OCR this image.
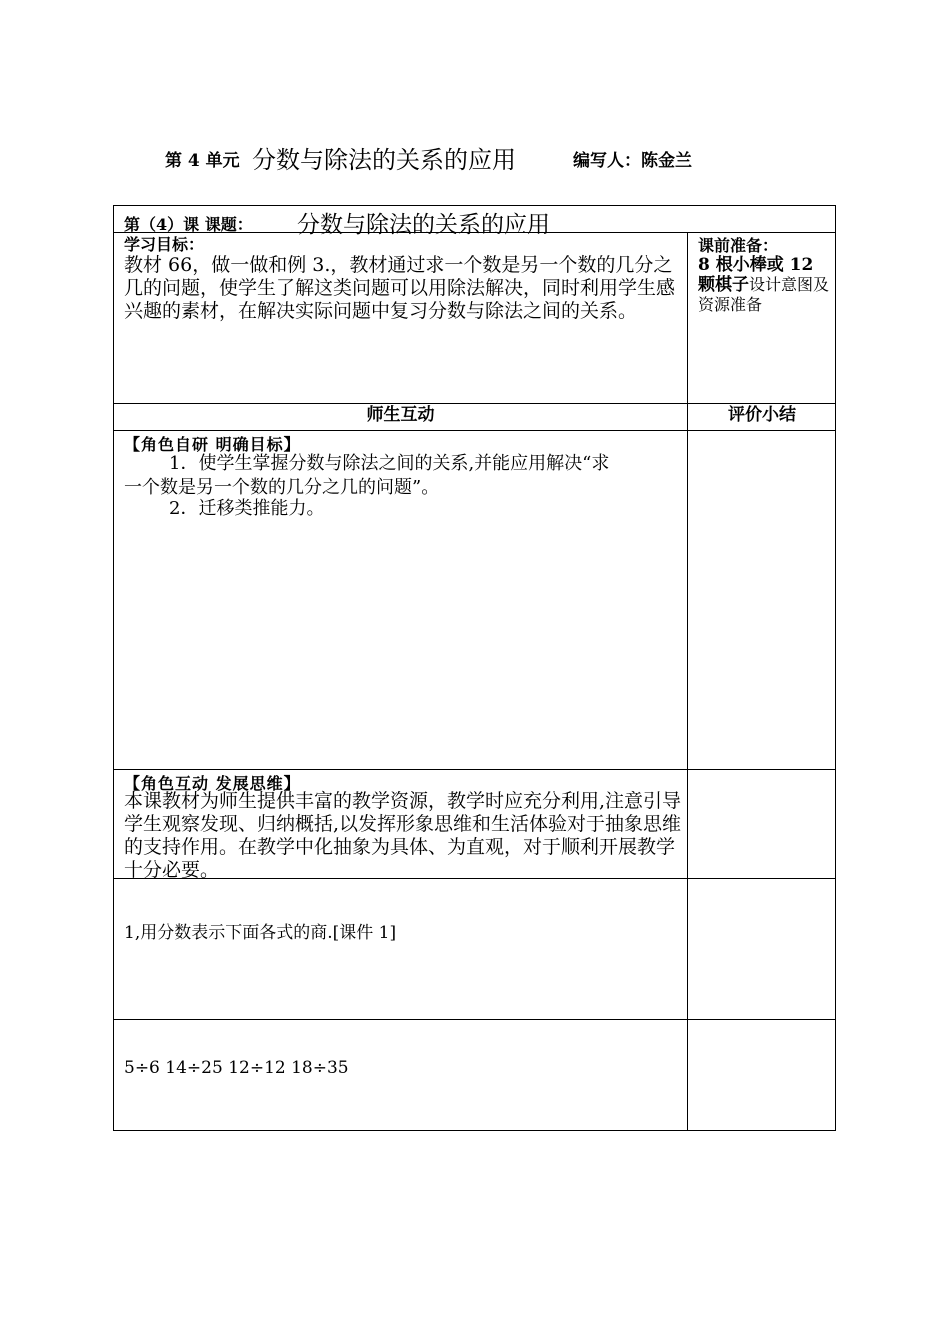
第 4 单元 分数与除法的关系的应用	编写人：陈金兰
第（4）课 课题： 分数与除法的关系的应用
学习目标：
教材 66，做一做和例 3.，教材通过求一个数是另一个数的几分之几的问题，使学生了解这类问题可以用除法解决，同时利用学生感兴趣的素材，在解决实际问题中复习分数与除法之间的关系。
课前准备：
8 根小棒或 12 颗棋子设计意图及资源准备
师生互动	评价小结
【角色自研 明确目标】
1．使学生掌握分数与除法之间的关系,并能应用解决“求
一个数是另一个数的几分之几的问题”。
2．迁移类推能力。
【角色互动 发展思维】
本课教材为师生提供丰富的教学资源，教学时应充分利用,注意引导学生观察发现、归纳概括,以发挥形象思维和生活体验对于抽象思维的支持作用。在教学中化抽象为具体、为直观，对于顺利开展教学十分必要。
1,用分数表示下面各式的商.[课件 1]
5÷6 14÷25 12÷12 18÷35
